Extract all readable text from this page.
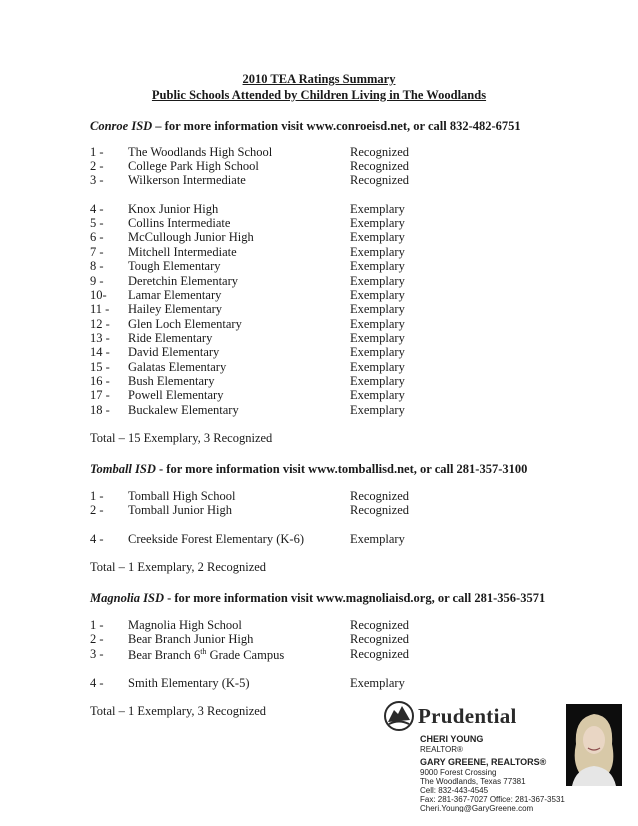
2010 TEA Ratings Summary
Public Schools Attended by Children Living in The Woodlands
Conroe ISD – for more information visit www.conroeisd.net, or call 832-482-6751
1 - The Woodlands High School	Recognized
2 - College Park High School	Recognized
3 - Wilkerson Intermediate	Recognized
4 - Knox Junior High	Exemplary
5 - Collins Intermediate	Exemplary
6 - McCullough Junior High	Exemplary
7 - Mitchell Intermediate	Exemplary
8 - Tough Elementary	Exemplary
9 - Deretchin Elementary	Exemplary
10- Lamar Elementary	Exemplary
11 - Hailey Elementary	Exemplary
12 - Glen Loch Elementary	Exemplary
13 - Ride Elementary	Exemplary
14 - David Elementary	Exemplary
15 - Galatas Elementary	Exemplary
16 - Bush Elementary	Exemplary
17 - Powell Elementary	Exemplary
18 - Buckalew Elementary	Exemplary
Total – 15 Exemplary, 3 Recognized
Tomball ISD - for more information visit www.tomballisd.net, or call 281-357-3100
1 - Tomball High School	Recognized
2 - Tomball Junior High	Recognized
4 - Creekside Forest Elementary (K-6)	Exemplary
Total – 1 Exemplary, 2 Recognized
Magnolia ISD - for more information visit www.magnoliaisd.org, or call 281-356-3571
1 - Magnolia High School	Recognized
2 - Bear Branch Junior High	Recognized
3 - Bear Branch 6th Grade Campus	Recognized
4 - Smith Elementary (K-5)	Exemplary
Total – 1 Exemplary, 3 Recognized	Prudential
CHERI YOUNG
REALTOR®
GARY GREENE, REALTORS®
9000 Forest Crossing
The Woodlands, Texas 77381
Cell: 832-443-4545
Fax: 281-367-7027 Office: 281-367-3531
Cheri.Young@GaryGreene.com
